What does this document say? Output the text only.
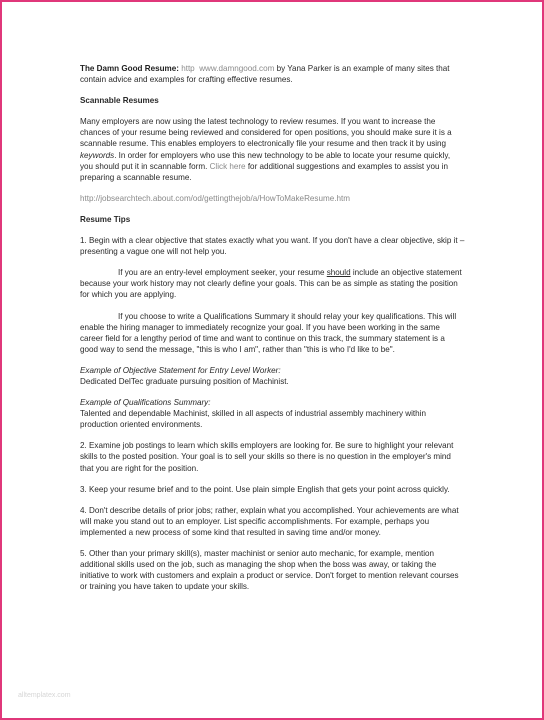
The Damn Good Resume: http www.damngood.com by Yana Parker is an example of many sites that contain advice and examples for crafting effective resumes.

Scannable Resumes

Many employers are now using the latest technology to review resumes. If you want to increase the chances of your resume being reviewed and considered for open positions, you should make sure it is a scannable resume. This enables employers to electronically file your resume and then track it by using keywords. In order for employers who use this new technology to be able to locate your resume quickly, you should put it in scannable form. Click here for additional suggestions and examples to assist you in preparing a scannable resume.

http://jobsearchtech.about.com/od/gettingthejob/a/HowToMakeResume.htm

Resume Tips

1. Begin with a clear objective that states exactly what you want. If you don't have a clear objective, skip it – presenting a vague one will not help you.

If you are an entry-level employment seeker, your resume should include an objective statement because your work history may not clearly define your goals. This can be as simple as stating the position for which you are applying.

If you choose to write a Qualifications Summary it should relay your key qualifications. This will enable the hiring manager to immediately recognize your goal. If you have been working in the same career field for a lengthy period of time and want to continue on this track, the summary statement is a good way to send the message, "this is who I am", rather than "this is who I'd like to be".

Example of Objective Statement for Entry Level Worker:
Dedicated DelTec graduate pursuing position of Machinist.

Example of Qualifications Summary:
Talented and dependable Machinist, skilled in all aspects of industrial assembly machinery within production oriented environments.

2. Examine job postings to learn which skills employers are looking for. Be sure to highlight your relevant skills to the posted position. Your goal is to sell your skills so there is no question in the employer's mind that you are right for the position.

3. Keep your resume brief and to the point. Use plain simple English that gets your point across quickly.

4. Don't describe details of prior jobs; rather, explain what you accomplished. Your achievements are what will make you stand out to an employer. List specific accomplishments. For example, perhaps you implemented a new process of some kind that resulted in saving time and/or money.

5. Other than your primary skill(s), master machinist or senior auto mechanic, for example, mention additional skills used on the job, such as managing the shop when the boss was away, or taking the initiative to work with customers and explain a product or service. Don't forget to mention relevant courses or training you have taken to update your skills.

alltemplatex.com
